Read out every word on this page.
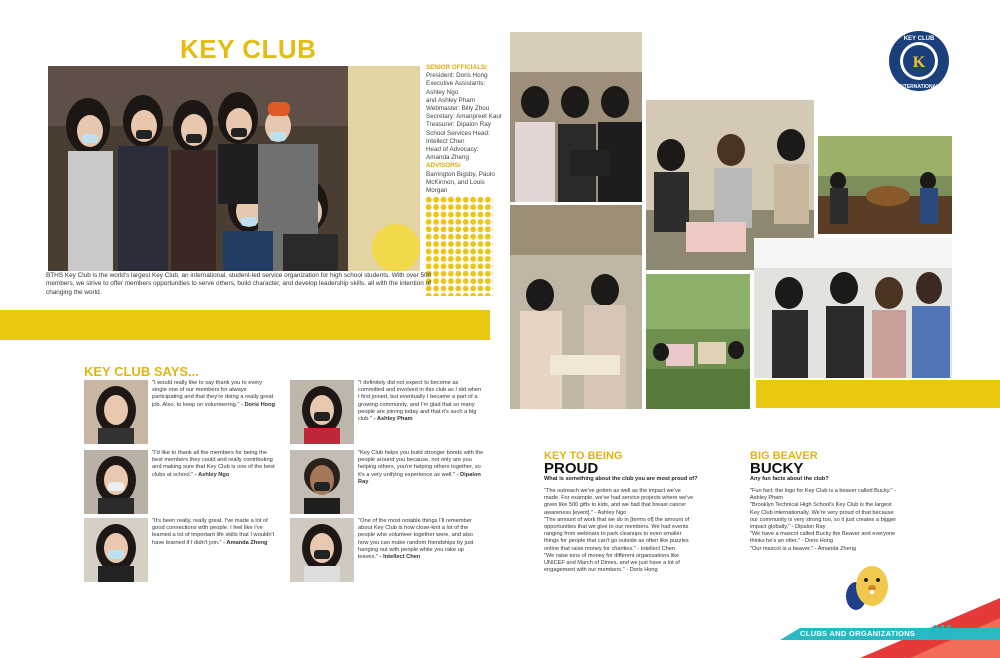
KEY CLUB
SENIOR OFFICIALS/
President: Doris Hong
Executive Assistants:
Ashley Ngo
and Ashley Pham
Webmaster: Billy Zhou
Secretary: Amanpreet Kaur
Treasurer: Dipalon Ray
School Services Head:
Intellect Chen
Head of Advocacy:
Amanda Zheng
ADVISORS/
Barrington Bigsby, Paulo McKinnon, and Louis Morgan
BTHS Key Club is the world's largest Key Club, an international, student-led service organization for high school students. With over 500 members, we strive to offer members opportunities to serve others, build character, and develop leadership skills, all with the intention of changing the world.
KEY CLUB SAYS...
"I would really like to say thank you to every single one of our members for always participating and that they're doing a really great job. Also, to keep on volunteering." - Doris Hong
"I'd like to thank all the members for being the best members they could and really contributing and making sure that Key Club is one of the best clubs at school." - Ashley Ngo
"It's been really, really great. I've made a lot of good connections with people. I feel like I've learned a lot of important life skills that I wouldn't have learned if I didn't join." - Amanda Zheng
"I definitely did not expect to become as committed and involved in this club as I did when I first joined, but eventually I became a part of a growing community, and I'm glad that so many people are joining today and that it's such a big club." - Ashley Pham
"Key Club helps you build stronger bonds with the people around you because, not only are you helping others, you're helping others together, so it's a very unifying experience as well." - Dipalon Ray
"One of the most notable things I'll remember about Key Club is how close-knit a lot of the people who volunteer together were, and also how you can make random friendships by just hanging out with people while you rake up leaves." - Intellect Chen
K
KEY CLUB
INTERNATIONAL
KEY TO BEING
PROUD
What is something about the club you are most proud of?
"The outreach we've gotten as well as the impact we've made. For example, we've had service projects where we've given like 500 gifts to kids, and we had that breast cancer awareness [event]." - Ashley Ngo
"The amount of work that we do in [terms of] the amount of opportunities that we give to our members. We had events ranging from webinars to park cleanups to even smaller things for people that can't go outside as often like puzzles online that raise money for charities." - Intellect Chen
"We raise tons of money for different organizations like UNICEF and March of Dimes, and we just have a lot of engagement with our members." - Doris Hong
BIG BEAVER
BUCKY
Any fun facts about the club?
"Fun fact: the logo for Key Club is a beaver called Bucky." - Ashley Pham
"Brooklyn Technical High School's Key Club is the largest Key Club internationally. We're very proud of that because our community is very strong too, so it just creates a bigger impact globally." - Dipalon Ray
"We have a mascot called Bucky the Beaver and everyone thinks he's an otter." - Doris Hong
"Our mascot is a beaver." - Amanda Zheng
CLUBS AND ORGANIZATIONS 211
